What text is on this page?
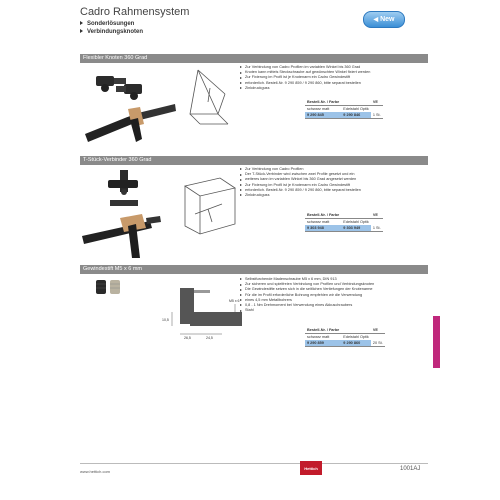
Cadro Rahmensystem
Sonderlösungen
Verbindungsknoten
◀ New
Flexibler Knoten 360 Grad
Zur Verbindung von Cadro Profilen im variablen Winkel bis 360 Grad
Knoten kann mittels Steckschraube auf gewünschten Winkel fixiert werden
Zur Fixierung im Profil ist je Knotenarm ein Cadro Gewindestift
erforderlich. Bestell-Nr. 9 290 859 / 9 290 860, bitte separat bestellen
Zinkdruckguss
Bestell-Nr. / Farbe		VE
schwarz matt	Edelstahl Optik	
9 290 845	9 290 846	1 St.
T-Stück-Verbinder 360 Grad
Zur Verbindung von Cadro Profilen
Der T-Stück-Verbinder wird zwischen zwei Profile gesetzt und ein
weiteres kann im variablen Winkel bis 360 Grad angesetzt werden
Zur Fixierung im Profil ist je Knotenarm ein Cadro Gewindestift
erforderlich. Bestell-Nr. 9 290 859 / 9 290 860, bitte separat bestellen
Zinkdruckguss
Bestell-Nr. / Farbe		VE
schwarz matt	Edelstahl Optik	
9 303 948	9 303 949	1 St.
Gewindestift M5 x 6 mm
M5 x 6
10,5
26,5	24,5
Selbstfurchende Madenschraube M5 x 6 mm, DIN 913
Zur sicheren und spielfreien Verbindung von Profilen und Verbindungsknoten
Die Gewindestifte setzen sich in die seitlichen Vertiefungen der Knotenarme
Für die im Profil erforderliche Bohrung empfehlen wir die Verwendung
eines 4,5 mm Metallbohrers
0,8 - 1 Nm Drehmoment bei Verwendung eines Akkuschraubers
Stahl
Bestell-Nr. / Farbe		VE
schwarz matt	Edelstahl Optik	
9 290 859	9 290 860	20 St.
www.hettich.com
Hettich	1001AJ
